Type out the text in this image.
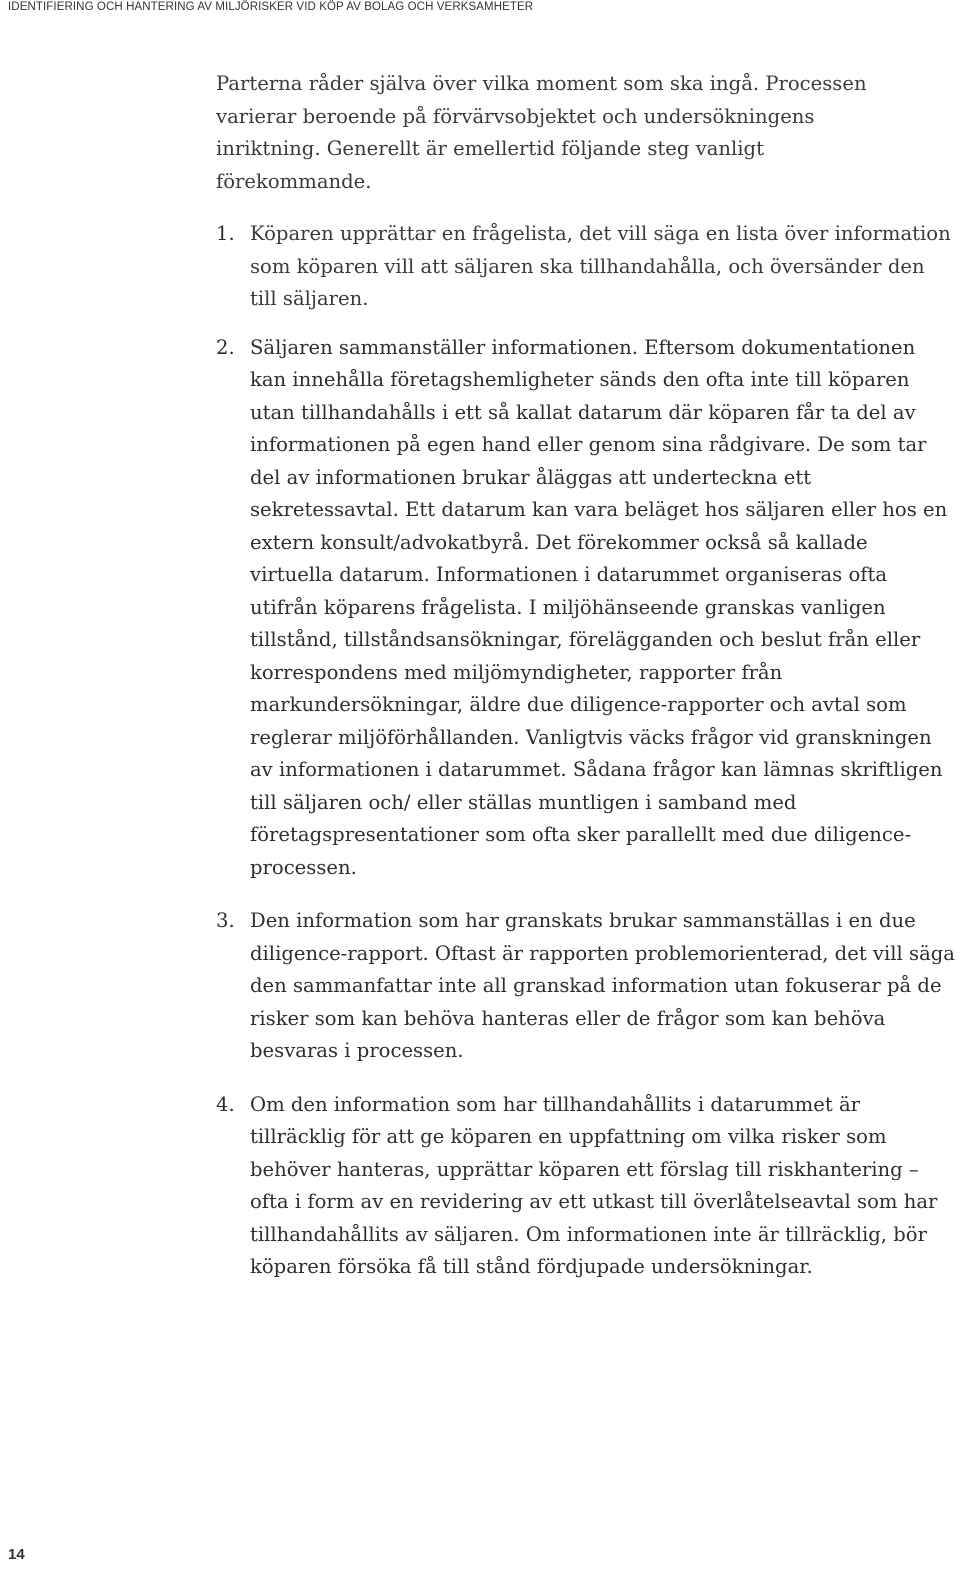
IDENTIFIERING OCH HANTERING AV MILJÖRISKER VID KÖP AV BOLAG OCH VERKSAMHETER

Parterna råder själva över vilka moment som ska ingå. Processen varierar beroende på förvärvsobjektet och undersökningens inriktning. Generellt är emellertid följande steg vanligt förekommande.

1. Köparen upprättar en frågelista, det vill säga en lista över information som köparen vill att säljaren ska tillhandahålla, och översänder den till säljaren.
2. Säljaren sammanställer informationen. Eftersom dokumentationen kan innehålla företagshemligheter sänds den ofta inte till köparen utan tillhandahålls i ett så kallat datarum där köparen får ta del av informationen på egen hand eller genom sina rådgivare. De som tar del av informationen brukar åläggas att underteckna ett sekretessavtal. Ett datarum kan vara beläget hos säljaren eller hos en extern konsult/advokatbyrå. Det förekommer också så kallade virtuella datarum. Informationen i datarummet organiseras ofta utifrån köparens frågelista. I miljöhänseende granskas vanligen tillstånd, tillståndsansökningar, förelägganden och beslut från eller korrespondens med miljömyndigheter, rapporter från markundersökningar, äldre due diligence-rapporter och avtal som reglerar miljöförhållanden. Vanligtvis väcks frågor vid granskningen av informationen i datarummet. Sådana frågor kan lämnas skriftligen till säljaren och/ eller ställas muntligen i samband med företagspresentationer som ofta sker parallellt med due diligence-processen.
3. Den information som har granskats brukar sammanställas i en due diligence-rapport. Oftast är rapporten problemorienterad, det vill säga den sammanfattar inte all granskad information utan fokuserar på de risker som kan behöva hanteras eller de frågor som kan behöva besvaras i processen.
4. Om den information som har tillhandahållits i datarummet är tillräcklig för att ge köparen en uppfattning om vilka risker som behöver hanteras, upprättar köparen ett förslag till riskhantering – ofta i form av en revidering av ett utkast till överlåtelseavtal som har tillhandahållits av säljaren. Om informationen inte är tillräcklig, bör köparen försöka få till stånd fördjupade undersökningar.
14
